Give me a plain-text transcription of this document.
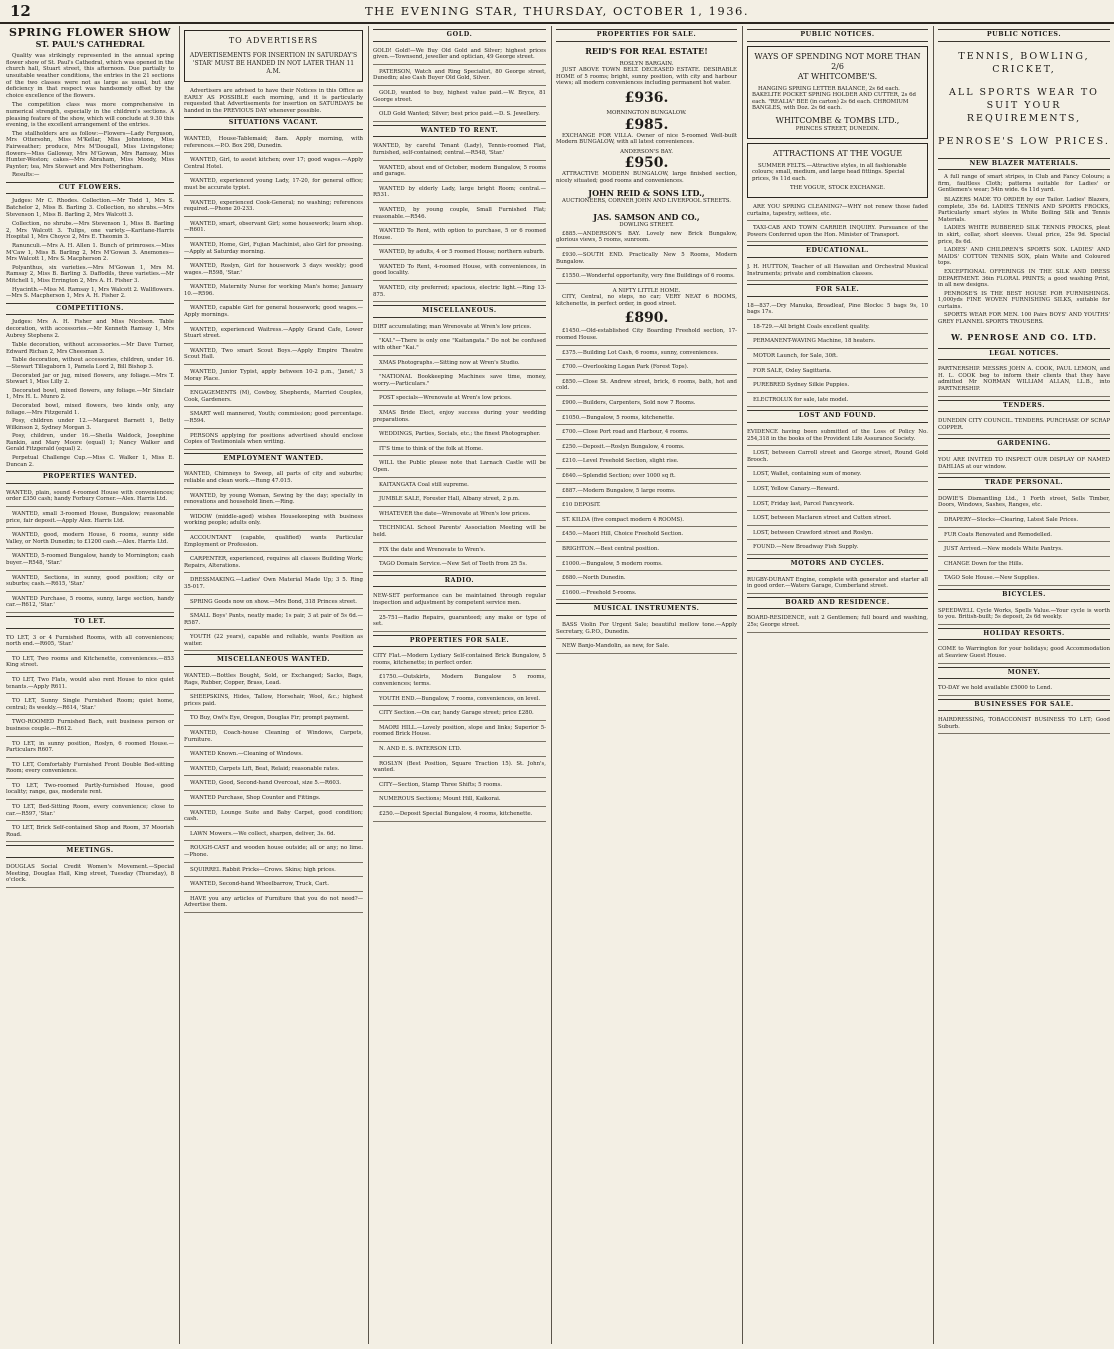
12	THE EVENING STAR, THURSDAY, OCTOBER 1, 1936.
SPRING FLOWER SHOW
ST. PAUL'S CATHEDRAL

Quality was strikingly represented in the annual spring flower show of St. Paul's Cathedral, which was opened in the church hall, Stuart street, this afternoon. Due partially to unsuitable weather conditions, the entries in the 21 sections of the two classes were not as large as usual, but any deficiency in that respect was handsomely offset by the choice excellence of the flowers.

The competition class was more comprehensive in numerical strength, especially in the children's sections. A pleasing feature of the show, which will conclude at 9.30 this evening, is the excellent arrangement of the entries.

The stallholders are as follow:—Flowers—Lady Ferguson, Mrs Ottersohn, Miss M'Kellar, Miss Johnstone, Miss Fairweather; produce, Mrs M'Dougall, Miss Livingstone; flowers—Miss Galloway, Mrs M'Gowan, Mrs Ramsay, Miss Hunter-Weston; cakes—Mrs Abraham, Miss Moody, Miss Paynter; tea, Mrs Stewart and Mrs Fotheringham.

Results:—

CUT FLOWERS.

Judges: Mr C. Rhodes. Collection.—Mr Todd 1, Mrs S. Batchelor 2, Miss B. Barling 3. Collection, no shrubs.—Mrs Stevenson 1, Miss B. Barling 2, Mrs Walcott 3.

Collection, no shrubs.—Mrs Stevenson 1, Miss B. Barling 2, Mrs Walcott 3. Tulips, one variety.—Karitane-Harris Hospital 1, Mrs Choyce 2, Mrs E. Theomin 3.

Ranunculi.—Mrs A. H. Allen 1. Bunch of primroses.—Miss M'Caw 1, Miss B. Barling 2, Mrs M'Gowan 3. Anemones—Mrs Walcott 1, Mrs S. Macpherson 2.

Polyanthus, six varieties.—Mrs M'Gowan 1, Mrs M. Ramsay 2, Miss B. Barling 3. Daffodils, three varieties.—Mr Mitchell 1, Miss Errington 2, Mrs A. H. Fisher 3.

Hyacinth.—Miss M. Ramsay 1, Mrs Walcott 2. Wallflowers.—Mrs S. Macpherson 1, Mrs A. H. Fisher 2.

COMPETITIONS.

Judges: Mrs A. H. Fisher and Miss Nicolson. Table decoration, with accessories.—Mr Kenneth Ramsay 1, Mrs Aubrey Stephens 2.

Table decoration, without accessories.—Mr Dave Turner, Edward Richan 2, Mrs Cheesman 3.

Table decoration, without accessories, children, under 16.—Stewart Tillsgaborn 1, Pamela Lord 2, Bill Bishop 3.

Decorated jar or jug, mixed flowers, any foliage.—Mrs T. Stewart 1, Miss Lilly 2.

Decorated bowl, mixed flowers, any foliage.—Mr Sinclair 1, Mrs H. L. Munro 2.

Decorated bowl, mixed flowers, two kinds only, any foliage.—Mrs Fitzgerald 1.

Posy, children under 12.—Margaret Barnett 1, Betty Wilkinson 2, Sydney Morgan 3.

Posy, children, under 16.—Sheila Waldock, Josephine Rankin, and Mary Moore (equal) 1; Nancy Walker and Gerald Fitzgerald (equal) 2.

Perpetual Challenge Cup.—Miss C. Walker 1, Miss E. Duncan 2.

PROPERTIES WANTED.
WANTED, plain, sound 4-roomed House with conveniences; order £350 cash; handy Forbury Corner.—Alex. Harris Ltd.

WANTED, small 3-roomed House, Bungalow; reasonable price, fair deposit.—Apply Alex. Harris Ltd.

WANTED, good, modern House, 6 rooms, sunny side Valley, or North Dunedin; to £1200 cash.—Alex. Harris Ltd.

WANTED, 5-roomed Bungalow, handy to Mornington; cash buyer.—R548, 'Star.'

WANTED, Sections, in sunny, good position; city or suburbs; cash.—R615, 'Star.'

WANTED Purchase, 5 rooms, sunny, large section, handy car.—R612, 'Star.'

TO LET.
TO LET, 3 or 4 Furnished Rooms, with all conveniences; north end.—R605, 'Star.'

TO LET, Two rooms and Kitchenette, conveniences.—853 King street.

TO LET, Two Flats, would also rent House to nice quiet tenants.—Apply R611.

TO LET, Sunny Single Furnished Room; quiet home, central; 8s weekly.—R614, 'Star.'

TWO-ROOMED Furnished Bach, suit business person or business couple.—R612.

TO LET, in sunny position, Roslyn, 6 roomed House.—Particulars R607.

TO LET, Comfortably Furnished Front Double Bed-sitting Room; every convenience.

TO LET, Two-roomed Partly-furnished House, good locality; range, gas, moderate rent.

TO LET, Bed-Sitting Room, every convenience; close to car.—R597, 'Star.'

TO LET, Brick Self-contained Shop and Room, 37 Moorish Road.

MEETINGS.
DOUGLAS Social Credit Women's Movement.—Special Meeting, Douglas Hall, King street, Tuesday (Thursday), 8 o'clock.
TO ADVERTISERS
ADVERTISEMENTS FOR INSERTION IN SATURDAY'S 'STAR' MUST BE HANDED IN NOT LATER THAN 11 A.M.

Advertisers are advised to have their Notices in this Office as EARLY AS POSSIBLE each morning, and it is particularly requested that Advertisements for insertion on SATURDAYS be handed in the PREVIOUS DAY whenever possible.

SITUATIONS VACANT.
WANTED, House-Tablemaid; 8am. Apply morning, with references.—P.O. Box 298, Dunedin.

WANTED, Girl, to assist kitchen; over 17; good wages.—Apply Central Hotel.

WANTED, experienced young Lady, 17-20, for general office; must be accurate typist.

WANTED, experienced Cook-General; no washing; references required.—Phone 20-233.

WANTED, smart, observant Girl; some housework; learn shop.—R601.

WANTED, Home, Girl, Fujian Machinist, also Girl for pressing.—Apply at Saturday morning.

WANTED, Roslyn, Girl for housework 3 days weekly; good wages.—R598, 'Star.'

WANTED, Maternity Nurse for working Man's home; January 10.—R596.

WANTED, capable Girl for general housework; good wages.—Apply mornings.

WANTED, experienced Waitress.—Apply Grand Cafe, Lower Stuart street.

WANTED, Two smart Scout Boys.—Apply Empire Theatre Scout Hall.

WANTED, Junior Typist, apply between 10-2 p.m., 'Janet,' 3 Moray Place.

ENGAGEMENTS (M), Cowboy, Shepherds, Married Couples, Cook, Gardeners.

SMART well mannered, Youth; commission; good percentage.—R594.

PERSONS applying for positions advertised should enclose Copies of Testimonials when writing.

EMPLOYMENT WANTED.
WANTED, Chimneys to Sweep, all parts of city and suburbs; reliable and clean work.—Rung 47.015.

WANTED, by young Woman, Sewing by the day; specially in renovations and household linen.—Ring.

WIDOW (middle-aged) wishes Housekeeping with business working people; adults only.

ACCOUNTANT (capable, qualified) wants Particular Employment or Profession.

CARPENTER, experienced, requires all classes Building Work; Repairs, Alterations.

DRESSMAKING.—Ladies' Own Material Made Up; 3 5. Ring 35-017.

SPRING Goods now on show.—Mrs Bond, 318 Princes street.

SMALL Boys' Pants, neatly made; 1s pair, 3 at pair of 5s 6d.—R587.

YOUTH (22 years), capable and reliable, wants Position as waiter.

MISCELLANEOUS WANTED.
WANTED.—Bottles Bought, Sold, or Exchanged; Sacks, Bags, Rags, Rubber, Copper, Brass, Lead.

SHEEPSKINS, Hides, Tallow, Horsehair, Wool, &c.; highest prices paid.

TO Buy, Owl's Eye, Oregon, Douglas Fir; prompt payment.

WANTED, Coach-house Cleaning of Windows, Carpets, Furniture.

WANTED Known.—Cleaning of Windows.

WANTED, Carpets Lift, Beat, Relaid; reasonable rates.

WANTED, Good, Second-hand Overcoat, size 5.—R603.

WANTED Purchase, Shop Counter and Fittings.

WANTED, Lounge Suite and Baby Carpet, good condition; cash.

LAWN Mowers.—We collect, sharpen, deliver, 3s. 6d.

ROUGH-CAST and wooden house outside; all or any; no lime.—Phone.

SQUIRREL Rabbit Pricks—Crows. Skins; high prices.

WANTED, Second-hand Wheelbarrow, Truck, Cart.

HAVE you any articles of Furniture that you do not need?—Advertise them.

GOLD.
GOLD! Gold!—We Buy Old Gold and Silver; highest prices given.—Townsend, jeweller and optician, 49 George street.

PATERSON, Watch and Ring Specialist, 80 George street, Dunedin; also Cash Buyer Old Gold, Silver.

GOLD, wanted to buy, highest value paid.—W. Bryce, 81 George street.

OLD Gold Wanted; Silver; best price paid.—D. S. Jewellery.

WANTED TO RENT.
WANTED, by careful Tenant (Lady), Tennis-roomed Flat, furnished, self-contained; central.—R548, 'Star.'

WANTED, about end of October, modern Bungalow, 5 rooms and garage.

WANTED by elderly Lady, large bright Room; central.—R531.

WANTED, by young couple, Small Furnished Flat; reasonable.—R546.

WANTED To Rent, with option to purchase, 5 or 6 roomed House.

WANTED, by adults, 4 or 5 roomed House; northern suburb.

WANTED To Rent, 4-roomed House, with conveniences, in good locality.

WANTED, city preferred; spacious, electric light.—Ring 13-875.

MISCELLANEOUS.
DIRT accumulating; man Wrenovate at Wren's low prices.

"KAI."—There is only one "Kaitangata." Do not be confused with other "Kai."

XMAS Photographs.—Sitting now at Wren's Studio.

"NATIONAL Bookkeeping Machines save time, money, worry.—Particulars."

POST specials—Wrenovate at Wren's low prices.

XMAS Bride Elect, enjoy success during your wedding preparations.

WEDDINGS, Parties, Socials, etc.; the finest Photographer.

IT'S time to think of the folk at Home.

WILL the Public please note that Larnach Castle will be Open.

KAITANGATA Coal still supreme.

JUMBLE SALE, Forester Hall, Albany street, 2 p.m.

WHATEVER the date—Wrenovate at Wren's low prices.

TECHNICAL School Parents' Association Meeting will be held.

FIX the date and Wrenovate to Wren's.

TAGO Domain Service.—New Set of Teeth from 25 5s.

RADIO.
NEW-SET performance can be maintained through regular inspection and adjustment by competent service men.

25-751—Radio Repairs, guaranteed; any make or type of set.

PROPERTIES FOR SALE.
CITY Flat.—Modern Lydiary Self-contained Brick Bungalow, 5 rooms, kitchenette; in perfect order.

£1750.—Outskirts, Modern Bungalow 5 rooms, conveniences; terms.

YOUTH END.—Bungalow, 7 rooms, conveniences, on level.

CITY Section.—On car, handy Garage street; price £280.

MAORI HILL.—Lovely position, slope and links; Superior 5-roomed Brick House.

N. AND E. S. PATERSON LTD.

ROSLYN (Best Position, Square Traction 15). St. John's, wanted.

CITY—Section, Stamp Three Shifts; 5 rooms.

NUMEROUS Sections; Mount Hill, Kaikorai.

£250.—Deposit Special Bungalow, 4 rooms, kitchenette.

PROPERTIES FOR SALE.
REID'S FOR REAL ESTATE!
ROSLYN BARGAIN.

JUST ABOVE TOWN BELT. DECEASED ESTATE. DESIRABLE HOME of 5 rooms; bright, sunny position, with city and harbour views; all modern conveniences including permanent hot water.

£936.
MORNINGTON BUNGALOW.
£985.

EXCHANGE FOR VILLA. Owner of nice 5-roomed Well-built Modern BUNGALOW, with all latest conveniences.

ANDERSON'S BAY.
£950.

ATTRACTIVE MODERN BUNGALOW, large finished section, nicely situated; good rooms and conveniences.

JOHN REID & SONS LTD.,
AUCTIONEERS, CORNER JOHN AND LIVERPOOL STREETS.
JAS. SAMSON AND CO.,
DOWLING STREET.

£885.—ANDERSON'S BAY. Lovely new Brick Bungalow, glorious views, 5 rooms, sunroom.

£930.—SOUTH END. Practically New 5 Rooms, Modern Bungalow.

£1550.—Wonderful opportunity, very fine Buildings of 6 rooms.

A NIFTY LITTLE HOME.

CITY, Central, no steps, no car; VERY NEAT 6 ROOMS, kitchenette, in perfect order, in good street.

£890.

£1450.—Old-established City Boarding Freehold section, 17-roomed House.

£375.—Building Lot Cash, 6 rooms, sunny, conveniences.

£700.—Overlooking Logan Park (Forest Tops).

£850.—Close St. Andrew street, brick, 6 rooms, bath, hot and cold.

£900.—Builders, Carpenters, Sold now 7 Rooms.

£1050.—Bungalow, 5 rooms, kitchenette.

£700.—Close Port road and Harbour, 4 rooms.

£250.—Deposit.—Roslyn Bungalow, 4 rooms.

£210.—Level Freehold Section, slight rise.

£640.—Splendid Section; over 1000 sq ft.

£887.—Modern Bungalow, 5 large rooms.

£10 DEPOSIT.

ST. KILDA (five compact modern 4 ROOMS).

£450.—Maori Hill, Choice Freehold Section.

BRIGHTON.—Best central position.

£1000.—Bungalow, 5 modern rooms.

£680.—North Dunedin.

£1600.—Freehold 5-rooms.

MUSICAL INSTRUMENTS.

BASS Violin For Urgent Sale; beautiful mellow tone.—Apply Secretary, G.P.O., Dunedin.

NEW Banjo-Mandolin, as new, for Sale.

PUBLIC NOTICES.
WAYS OF SPENDING NOT MORE THAN
2/6
AT WHITCOMBE'S.

HANGING SPRING LETTER BALANCE, 2s 6d each. BAKELITE POCKET SPRING HOLDER AND CUTTER, 2s 6d each. "REALIA" BEE (in carton) 2s 6d each. CHROMIUM BANGLES, with Doz. 2s 6d each.

WHITCOMBE & TOMBS LTD.,
PRINCES STREET, DUNEDIN.
ATTRACTIONS AT THE VOGUE

SUMMER FELTS.—Attractive styles, in all fashionable colours; small, medium, and large head fittings. Special prices, 9s 11d each.

THE VOGUE, STOCK EXCHANGE.

ARE YOU SPRING CLEANING?—WHY not renew those faded curtains, tapestry, settees, etc.

TAXI-CAB AND TOWN CARRIER INQUIRY. Pursuance of the Powers Conferred upon the Hon. Minister of Transport.

EDUCATIONAL.
J. H. HUTTON, Teacher of all Hawaiian and Orchestral Musical Instruments; private and combination classes.
FOR SALE.
18—837.—Dry Manuka, Broadleaf, Pine Blocks: 5 bags 9s, 10 bags 17s.

18-729.—All bright Coals excellent quality.

PERMANENT-WAVING Machine, 18 heaters.

MOTOR Launch, for Sale, 30ft.

FOR SALE, Oxley Sagittaria.

PUREBRED Sydney Silkie Puppies.

ELECTROLUX for sale, late model.

LOST AND FOUND.
EVIDENCE having been submitted of the Loss of Policy No. 254,318 in the books of the Provident Life Assurance Society.

LOST, between Carroll street and George street, Round Gold Brooch.

LOST, Wallet, containing sum of money.

LOST, Yellow Canary.—Reward.

LOST, Friday last, Parcel Fancywork.

LOST, between Maclaren street and Cutten street.

LOST, between Crawford street and Roslyn.

FOUND.—New Broadway Fish Supply.

MOTORS AND CYCLES.
RUGBY-DURANT Engine, complete with generator and starter all in good order.—Waters Garage, Cumberland street.
BOARD AND RESIDENCE.
BOARD-RESIDENCE, suit 2 Gentlemen; full board and washing, 25s; George street.
PUBLIC NOTICES.
TENNIS, BOWLING, CRICKET,
ALL SPORTS WEAR TO SUIT YOUR REQUIREMENTS,
PENROSE'S LOW PRICES.
NEW BLAZER MATERIALS.

A full range of smart stripes, in Club and Fancy Colours; a firm, faultless Cloth; patterns suitable for Ladies' or Gentlemen's wear; 54in wide. 6s 11d yard.

BLAZERS MADE TO ORDER by our Tailor. Ladies' Blazers, complete, 35s 6d. LADIES TENNIS AND SPORTS FROCKS, Particularly smart styles in White Boiling Silk and Tennis Materials.

LADIES WHITE RUBBERED SILK TENNIS FROCKS, pleat in skirt, collar, short sleeves. Usual price, 25s 9d. Special price, 8s 6d.

LADIES' AND CHILDREN'S SPORTS SOX. LADIES' AND MAIDS' COTTON TENNIS SOX, plain White and Coloured tops.

EXCEPTIONAL OFFERINGS IN THE SILK AND DRESS DEPARTMENT. 36in FLORAL PRINTS; a good washing Print, in all new designs.

PENROSE'S IS THE BEST HOUSE FOR FURNISHINGS. 1,000yds FINE WOVEN FURNISHING SILKS, suitable for curtains.

SPORTS WEAR FOR MEN. 100 Pairs BOYS' AND YOUTHS' GREY FLANNEL SPORTS TROUSERS.

W. PENROSE AND CO. LTD.
LEGAL NOTICES.
PARTNERSHIP. MESSRS JOHN A. COOK, PAUL LEMON, and H. L. COOK beg to inform their clients that they have admitted Mr NORMAN WILLIAM ALLAN, LL.B., into PARTNERSHIP.
TENDERS.
DUNEDIN CITY COUNCIL. TENDERS. PURCHASE OF SCRAP COPPER.
GARDENING.
YOU ARE INVITED TO INSPECT OUR DISPLAY OF NAMED DAHLIAS at our window.
TRADE PERSONAL.
DOWIE'S Dismantling Ltd., 1 Forth street, Sells Timber, Doors, Windows, Sashes, Ranges, etc.

DRAPERY—Stocks—Clearing, Latest Sale Prices.

FUR Coats Renovated and Remodelled.

JUST Arrived.—New models White Pantrys.

CHANGE Down for the Hills.

TAGO Sole House.—New Supplies.

BICYCLES.
SPEEDWELL Cycle Works, Spells Value.—Your cycle is worth to you. British-built; 5s deposit, 2s 6d weekly.
HOLIDAY RESORTS.
COME to Warrington for your holidays; good Accommodation at Seaview Guest House.
MONEY.
TO-DAY we hold available £5000 to Lend.
BUSINESSES FOR SALE.
HAIRDRESSING, TOBACCONIST BUSINESS TO LET; Good Suburb.
